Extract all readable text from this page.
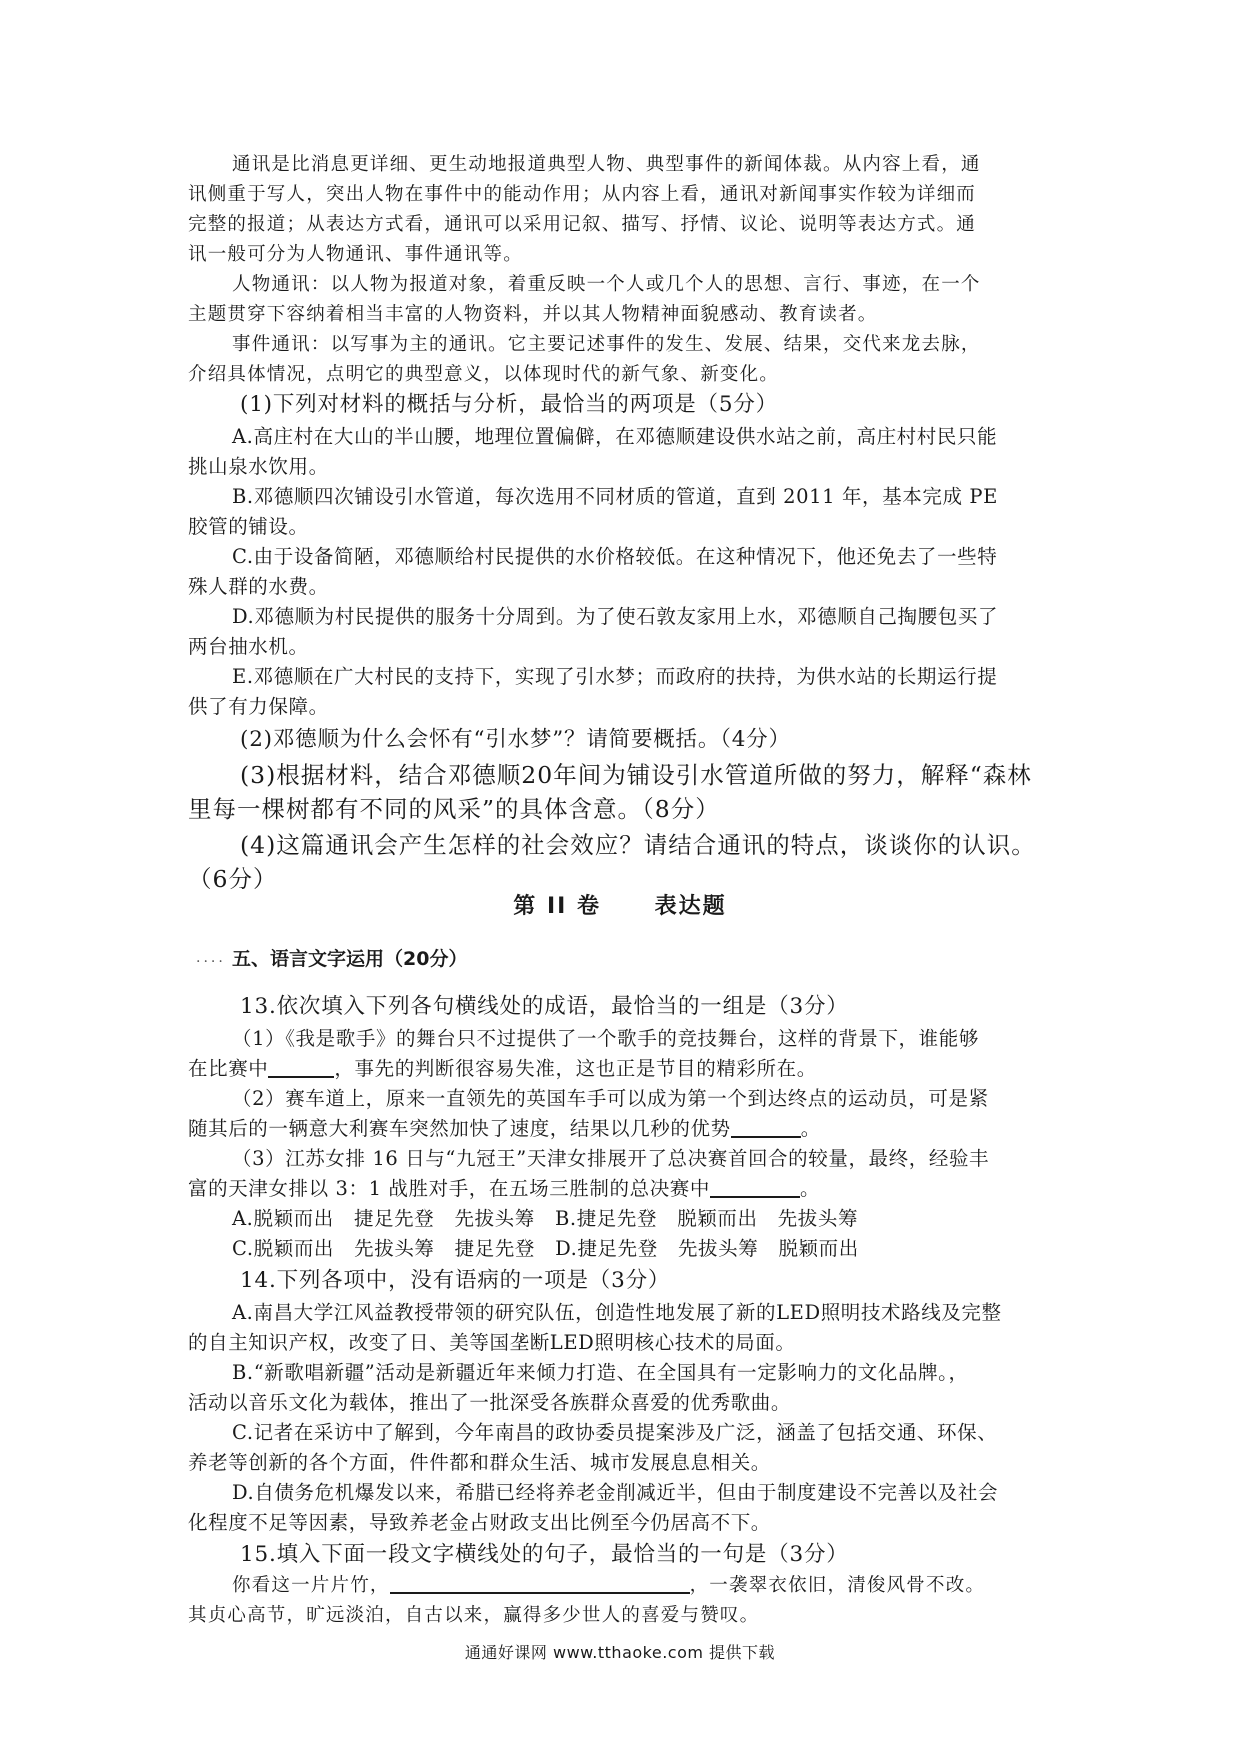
通讯是比消息更详细、更生动地报道典型人物、典型事件的新闻体裁。从内容上看，通
讯侧重于写人，突出人物在事件中的能动作用；从内容上看，通讯对新闻事实作较为详细而
完整的报道；从表达方式看，通讯可以采用记叙、描写、抒情、议论、说明等表达方式。通
讯一般可分为人物通讯、事件通讯等。
人物通讯：以人物为报道对象，着重反映一个人或几个人的思想、言行、事迹，在一个
主题贯穿下容纳着相当丰富的人物资料，并以其人物精神面貌感动、教育读者。
事件通讯：以写事为主的通讯。它主要记述事件的发生、发展、结果，交代来龙去脉，
介绍具体情况，点明它的典型意义，以体现时代的新气象、新变化。
(1)下列对材料的概括与分析，最恰当的两项是（5分）
A.高庄村在大山的半山腰，地理位置偏僻，在邓德顺建设供水站之前，高庄村村民只能
挑山泉水饮用。
B.邓德顺四次铺设引水管道，每次选用不同材质的管道，直到 2011 年，基本完成 PE
胶管的铺设。
C.由于设备简陋，邓德顺给村民提供的水价格较低。在这种情况下，他还免去了一些特
殊人群的水费。
D.邓德顺为村民提供的服务十分周到。为了使石敦友家用上水，邓德顺自己掏腰包买了
两台抽水机。
E.邓德顺在广大村民的支持下，实现了引水梦；而政府的扶持，为供水站的长期运行提
供了有力保障。
(2)邓德顺为什么会怀有“引水梦”？请简要概括。（4分）
(3)根据材料，结合邓德顺20年间为铺设引水管道所做的努力，解释“森林
里每一棵树都有不同的风采”的具体含意。（8分）
(4)这篇通讯会产生怎样的社会效应？请结合通讯的特点，谈谈你的认识。
（6分）
第 II 卷 表达题
.... 五、语言文字运用（20分）
13.依次填入下列各句横线处的成语，最恰当的一组是（3分）
（1）《我是歌手》的舞台只不过提供了一个歌手的竞技舞台，这样的背景下，谁能够
在比赛中	，事先的判断很容易失准，这也正是节目的精彩所在。
（2）赛车道上，原来一直领先的英国车手可以成为第一个到达终点的运动员，可是紧
随其后的一辆意大利赛车突然加快了速度，结果以几秒的优势	。
（3）江苏女排 16 日与“九冠王”天津女排展开了总决赛首回合的较量，最终，经验丰
富的天津女排以 3：1 战胜对手，在五场三胜制的总决赛中	。
A.脱颖而出　捷足先登　先拔头筹　B.捷足先登　脱颖而出　先拔头筹
C.脱颖而出　先拔头筹　捷足先登　D.捷足先登　先拔头筹　脱颖而出
14.下列各项中，没有语病的一项是（3分）
A.南昌大学江风益教授带领的研究队伍，创造性地发展了新的LED照明技术路线及完整
的自主知识产权，改变了日、美等国垄断LED照明核心技术的局面。
B.“新歌唱新疆”活动是新疆近年来倾力打造、在全国具有一定影响力的文化品牌。，
活动以音乐文化为载体，推出了一批深受各族群众喜爱的优秀歌曲。
C.记者在采访中了解到，今年南昌的政协委员提案涉及广泛，涵盖了包括交通、环保、
养老等创新的各个方面，件件都和群众生活、城市发展息息相关。
D.自债务危机爆发以来，希腊已经将养老金削减近半，但由于制度建设不完善以及社会
化程度不足等因素，导致养老金占财政支出比例至今仍居高不下。
15.填入下面一段文字横线处的句子，最恰当的一句是（3分）
你看这一片片竹，	，一袭翠衣依旧，清俊风骨不改。
其贞心高节，旷远淡泊，自古以来，赢得多少世人的喜爱与赞叹。
通通好课网 www.tthaoke.com 提供下载
